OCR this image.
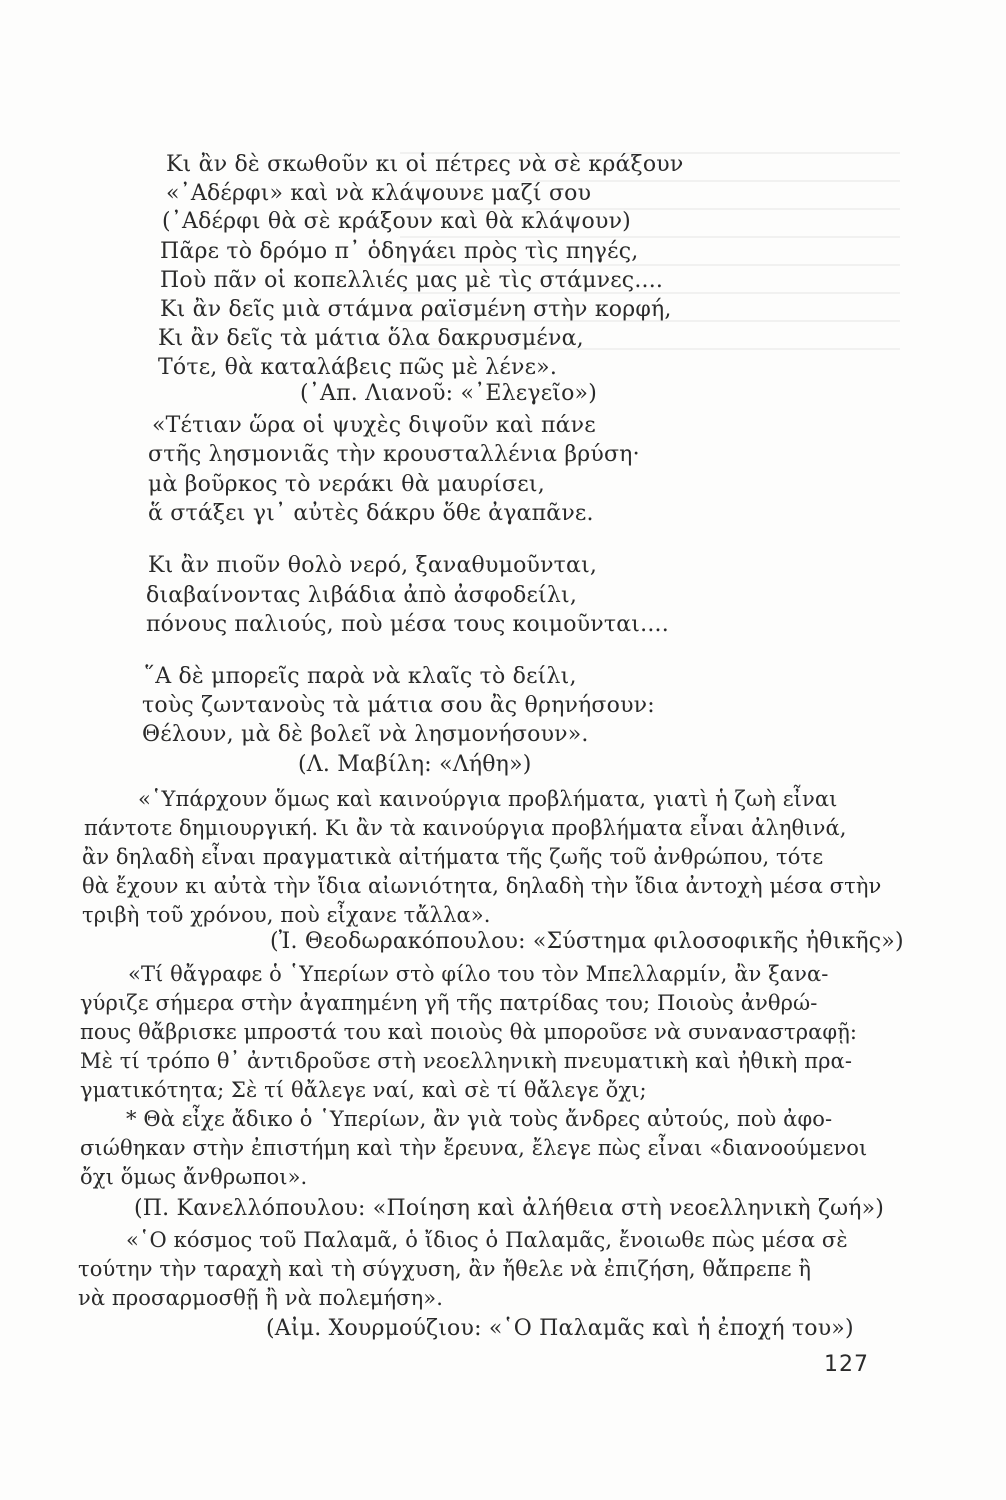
Κι ἂν δὲ σκωθοῦν κι οἱ πέτρες νὰ σὲ κράξουν
«᾿Αδέρφι» καὶ νὰ κλάψουνε μαζί σου
(᾿Αδέρφι θὰ σὲ κράξουν καὶ θὰ κλάψουν)
Πᾶρε τὸ δρόμο π᾿ ὁδηγάει πρὸς τὶς πηγές,
Ποὺ πᾶν οἱ κοπελλιές μας μὲ τὶς στάμνες....
Κι ἂν δεῖς μιὰ στάμνα ραϊσμένη στὴν κορφή,
Κι ἂν δεῖς τὰ μάτια ὅλα δακρυσμένα,
Τότε, θὰ καταλάβεις πῶς μὲ λένε».
(᾿Απ. Λιανοῦ: «᾿Ελεγεῖο»)
«Τέτιαν ὥρα οἱ ψυχὲς διψοῦν καὶ πάνε
στῆς λησμονιᾶς τὴν κρουσταλλένια βρύση·
μὰ βοῦρκος τὸ νεράκι θὰ μαυρίσει,
ἅ στάξει γι᾿ αὐτὲς δάκρυ ὅθε ἀγαπᾶνε.
Κι ἂν πιοῦν θολὸ νερό, ξαναθυμοῦνται,
διαβαίνοντας λιβάδια ἀπὸ ἀσφοδείλι,
πόνους παλιούς, ποὺ μέσα τους κοιμοῦνται....
῞Α δὲ μπορεῖς παρὰ νὰ κλαῖς τὸ δείλι,
τοὺς ζωντανοὺς τὰ μάτια σου ἂς θρηνήσουν:
Θέλουν, μὰ δὲ βολεῖ νὰ λησμονήσουν».
(Λ. Μαβίλη: «Λήθη»)
«῾Υπάρχουν ὅμως καὶ καινούργια προβλήματα, γιατὶ ἡ ζωὴ εἶναι
πάντοτε δημιουργική. Κι ἂν τὰ καινούργια προβλήματα εἶναι ἀληθινά,
ἂν δηλαδὴ εἶναι πραγματικὰ αἰτήματα τῆς ζωῆς τοῦ ἀνθρώπου, τότε
θὰ ἔχουν κι αὐτὰ τὴν ἴδια αἰωνιότητα, δηλαδὴ τὴν ἴδια ἀντοχὴ μέσα στὴν
τριβὴ τοῦ χρόνου, ποὺ εἶχανε τἄλλα».
(Ἰ. Θεοδωρακόπουλου: «Σύστημα φιλοσοφικῆς ἠθικῆς»)
«Τί θἄγραφε ὁ ῾Υπερίων στὸ φίλο του τὸν Μπελλαρμίν, ἂν ξανα-
γύριζε σήμερα στὴν ἀγαπημένη γῆ τῆς πατρίδας του; Ποιοὺς ἀνθρώ-
πους θἄβρισκε μπροστά του καὶ ποιοὺς θὰ μποροῦσε νὰ συναναστραφῇ:
Μὲ τί τρόπο θ᾿ ἀντιδροῦσε στὴ νεοελληνικὴ πνευματικὴ καὶ ἠθικὴ πρα-
γματικότητα; Σὲ τί θἄλεγε ναί, καὶ σὲ τί θἄλεγε ὄχι;
* Θὰ εἶχε ἄδικο ὁ ῾Υπερίων, ἂν γιὰ τοὺς ἄνδρες αὐτούς, ποὺ ἀφο-
σιώθηκαν στὴν ἐπιστήμη καὶ τὴν ἔρευνα, ἔλεγε πὼς εἶναι «διανοούμενοι
ὄχι ὅμως ἄνθρωποι».
(Π. Κανελλόπουλου: «Ποίηση καὶ ἀλήθεια στὴ νεοελληνικὴ ζωή»)
«῾Ο κόσμος τοῦ Παλαμᾶ, ὁ ἴδιος ὁ Παλαμᾶς, ἔνοιωθε πὼς μέσα σὲ
τούτην τὴν ταραχὴ καὶ τὴ σύγχυση, ἂν ἤθελε νὰ ἐπιζήση, θἄπρεπε ἢ
νὰ προσαρμοσθῇ ἢ νὰ πολεμήση».
(Αἰμ. Χουρμούζιου: «῾Ο Παλαμᾶς καὶ ἡ ἐποχή του»)
127
